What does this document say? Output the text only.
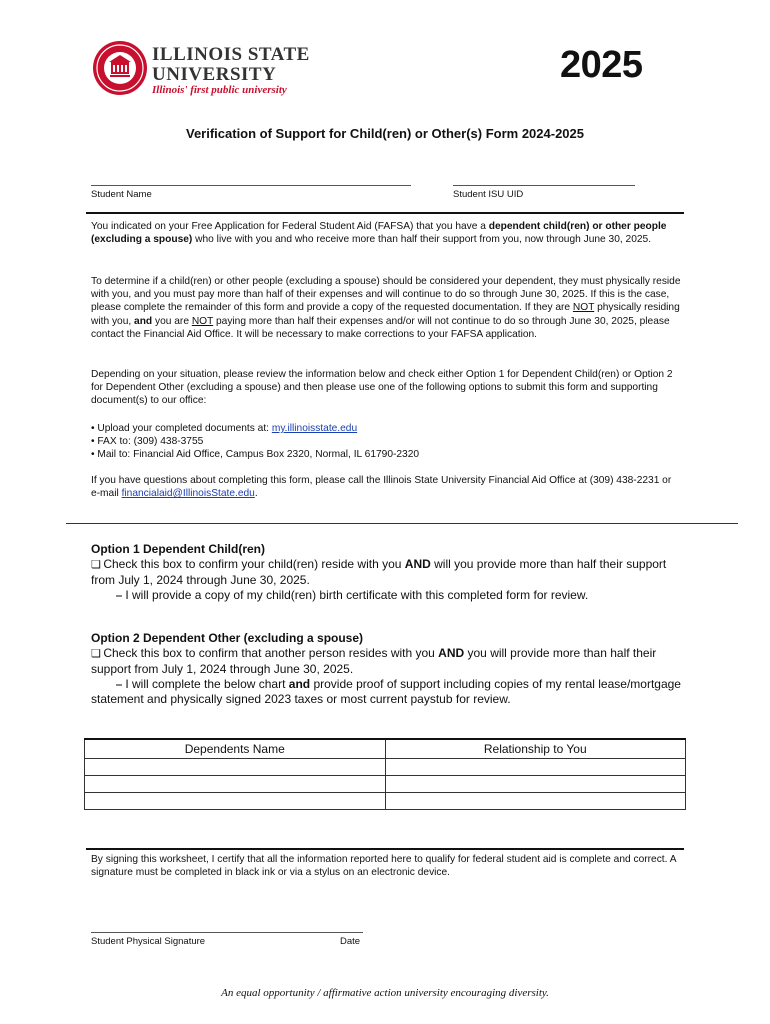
ILLINOIS STATE
UNIVERSITY
Illinois' first public university
2025
Verification of Support for Child(ren) or Other(s) Form 2024-2025
Student Name	Student ISU UID
You indicated on your Free Application for Federal Student Aid (FAFSA) that you have a dependent child(ren) or other people (excluding a spouse) who live with you and who receive more than half their support from you, now through June 30, 2025.
To determine if a child(ren) or other people (excluding a spouse) should be considered your dependent, they must physically reside with you, and you must pay more than half of their expenses and will continue to do so through June 30, 2025. If this is the case, please complete the remainder of this form and provide a copy of the requested documentation. If they are NOT physically residing with you, and you are NOT paying more than half their expenses and/or will not continue to do so through June 30, 2025, please contact the Financial Aid Office. It will be necessary to make corrections to your FAFSA application.
Depending on your situation, please review the information below and check either Option 1 for Dependent Child(ren) or Option 2 for Dependent Other (excluding a spouse) and then please use one of the following options to submit this form and supporting document(s) to our office:
• Upload your completed documents at: my.illinoisstate.edu
• FAX to: (309) 438-3755
• Mail to: Financial Aid Office, Campus Box 2320, Normal, IL 61790-2320
If you have questions about completing this form, please call the Illinois State University Financial Aid Office at (309) 438-2231 or e-mail financialaid@IllinoisState.edu.
Option 1 Dependent Child(ren)
❏ Check this box to confirm your child(ren) reside with you AND will you provide more than half their support from July 1, 2024 through June 30, 2025.
⎯ I will provide a copy of my child(ren) birth certificate with this completed form for review.
Option 2 Dependent Other (excluding a spouse)
❏ Check this box to confirm that another person resides with you AND you will provide more than half their support from July 1, 2024 through June 30, 2025.
⎯ I will complete the below chart and provide proof of support including copies of my rental lease/mortgage statement and physically signed 2023 taxes or most current paystub for review.
Dependents Name	Relationship to You

By signing this worksheet, I certify that all the information reported here to qualify for federal student aid is complete and correct. A signature must be completed in black ink or via a stylus on an electronic device.
Student Physical Signature	Date
An equal opportunity / affirmative action university encouraging diversity.
